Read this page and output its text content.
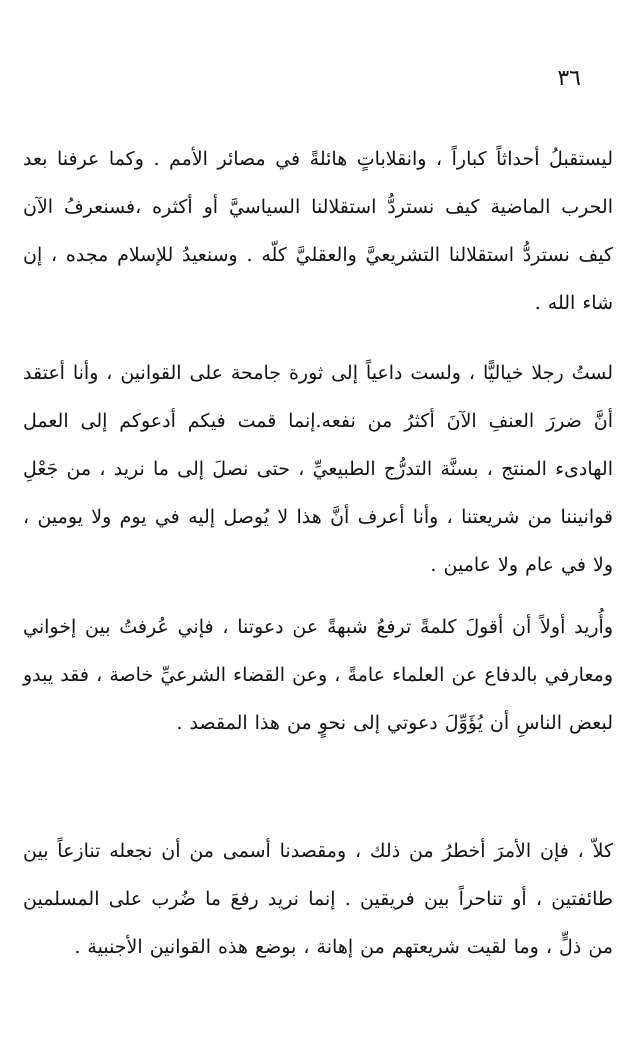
٣٦

ليستقبلُ أحداثاً كباراً ، وانقلاباتٍ هائلةً في مصائر الأمم . وكما عرفنا بعد الحرب الماضية كيف نستردُّ استقلالنا السياسيَّ أو أكثره ،فسنعرفُ الآن كيف نستردُّ استقلالنا التشريعيَّ والعقليَّ كلّه . وسنعيدُ للإسلام مجده ، إن شاء الله .

لستُ رجلا خياليًّا ، ولست داعياً إلى ثورة جامحة على القوانين ، وأنا أعتقد أنَّ ضررَ العنفِ الآنَ أكثرُ من نفعه.إنما قمت فيكم أدعوكم إلى العمل الهادىء المنتج ، بسنَّة التدرُّج الطبيعيِّ ، حتى نصلَ إلى ما نريد ، من جَعْلِ قوانيننا من شريعتنا ، وأنا أعرف أنَّ هذا لا يُوصل إليه في يوم ولا يومين ، ولا في عام ولا عامين .

وأُريد أولاً أن أقولَ كلمةً ترفعُ شبهةً عن دعوتنا ، فإني عُرفتُ بين إخواني ومعارفي بالدفاع عن العلماء عامةً ، وعن القضاء الشرعيِّ خاصة ، فقد يبدو لبعض الناسِ أن يُؤَوِّلَ دعوتي إلى نحوٍ من هذا المقصد .

كلاّ ، فإن الأمرَ أخطرُ من ذلك ، ومقصدنا أسمى من أن نجعله تنازعاً بين طائفتين ، أو تناحراً بين فريقين . إنما نريد رفعَ ما ضُرب على المسلمين من ذلٍّ ، وما لقيت شريعتهم من إهانة ، بوضع هذه القوانين الأجنبية .
